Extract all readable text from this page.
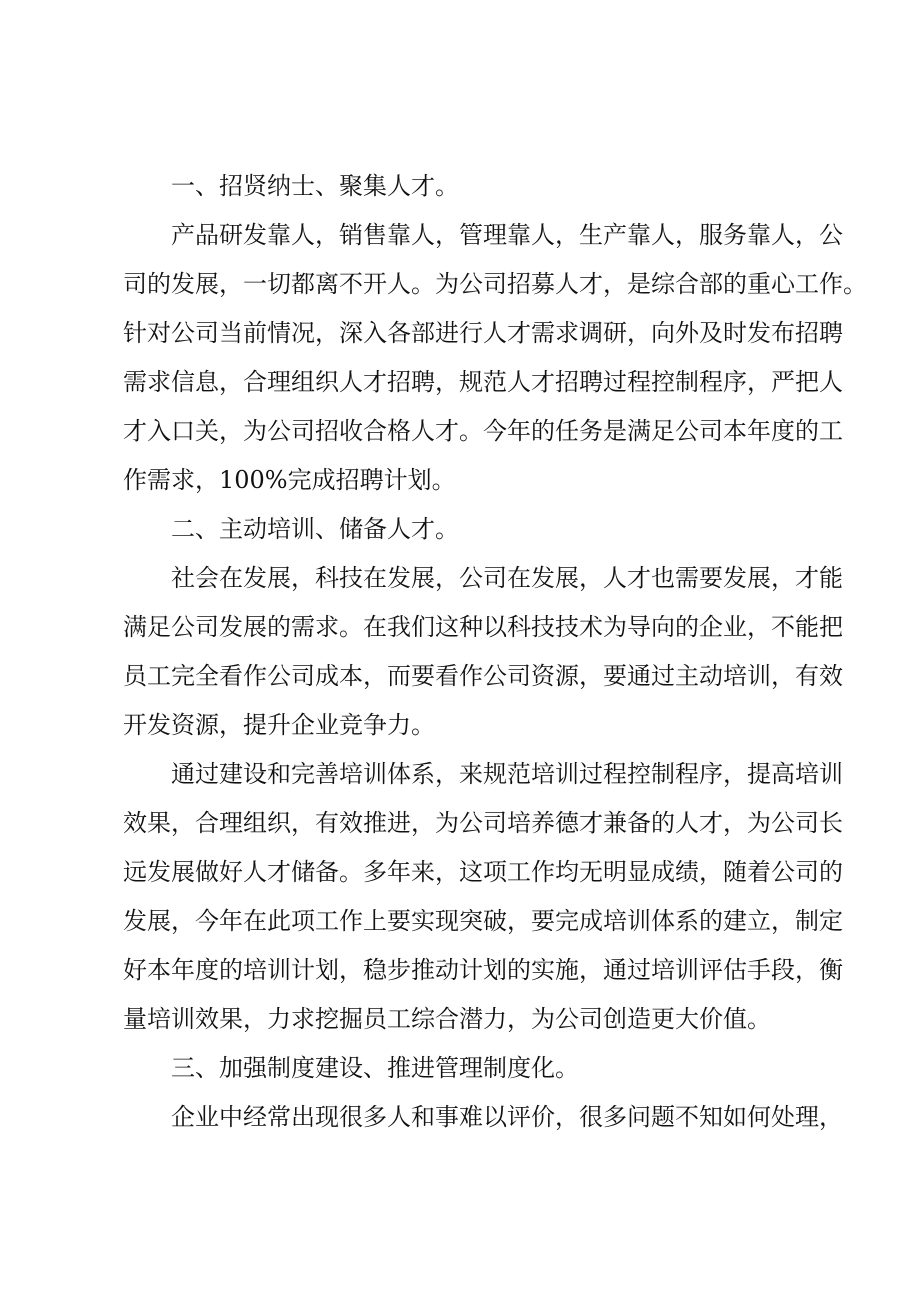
一、招贤纳士、聚集人才。
产品研发靠人，销售靠人，管理靠人，生产靠人，服务靠人，公
司的发展，一切都离不开人。为公司招募人才，是综合部的重心工作。
针对公司当前情况，深入各部进行人才需求调研，向外及时发布招聘
需求信息，合理组织人才招聘，规范人才招聘过程控制程序，严把人
才入口关，为公司招收合格人才。今年的任务是满足公司本年度的工
作需求，100%完成招聘计划。
二、主动培训、储备人才。
社会在发展，科技在发展，公司在发展，人才也需要发展，才能
满足公司发展的需求。在我们这种以科技技术为导向的企业，不能把
员工完全看作公司成本，而要看作公司资源，要通过主动培训，有效
开发资源，提升企业竞争力。
通过建设和完善培训体系，来规范培训过程控制程序，提高培训
效果，合理组织，有效推进，为公司培养德才兼备的人才，为公司长
远发展做好人才储备。多年来，这项工作均无明显成绩，随着公司的
发展，今年在此项工作上要实现突破，要完成培训体系的建立，制定
好本年度的培训计划，稳步推动计划的实施，通过培训评估手段，衡
量培训效果，力求挖掘员工综合潜力，为公司创造更大价值。
三、加强制度建设、推进管理制度化。
企业中经常出现很多人和事难以评价，很多问题不知如何处理，
